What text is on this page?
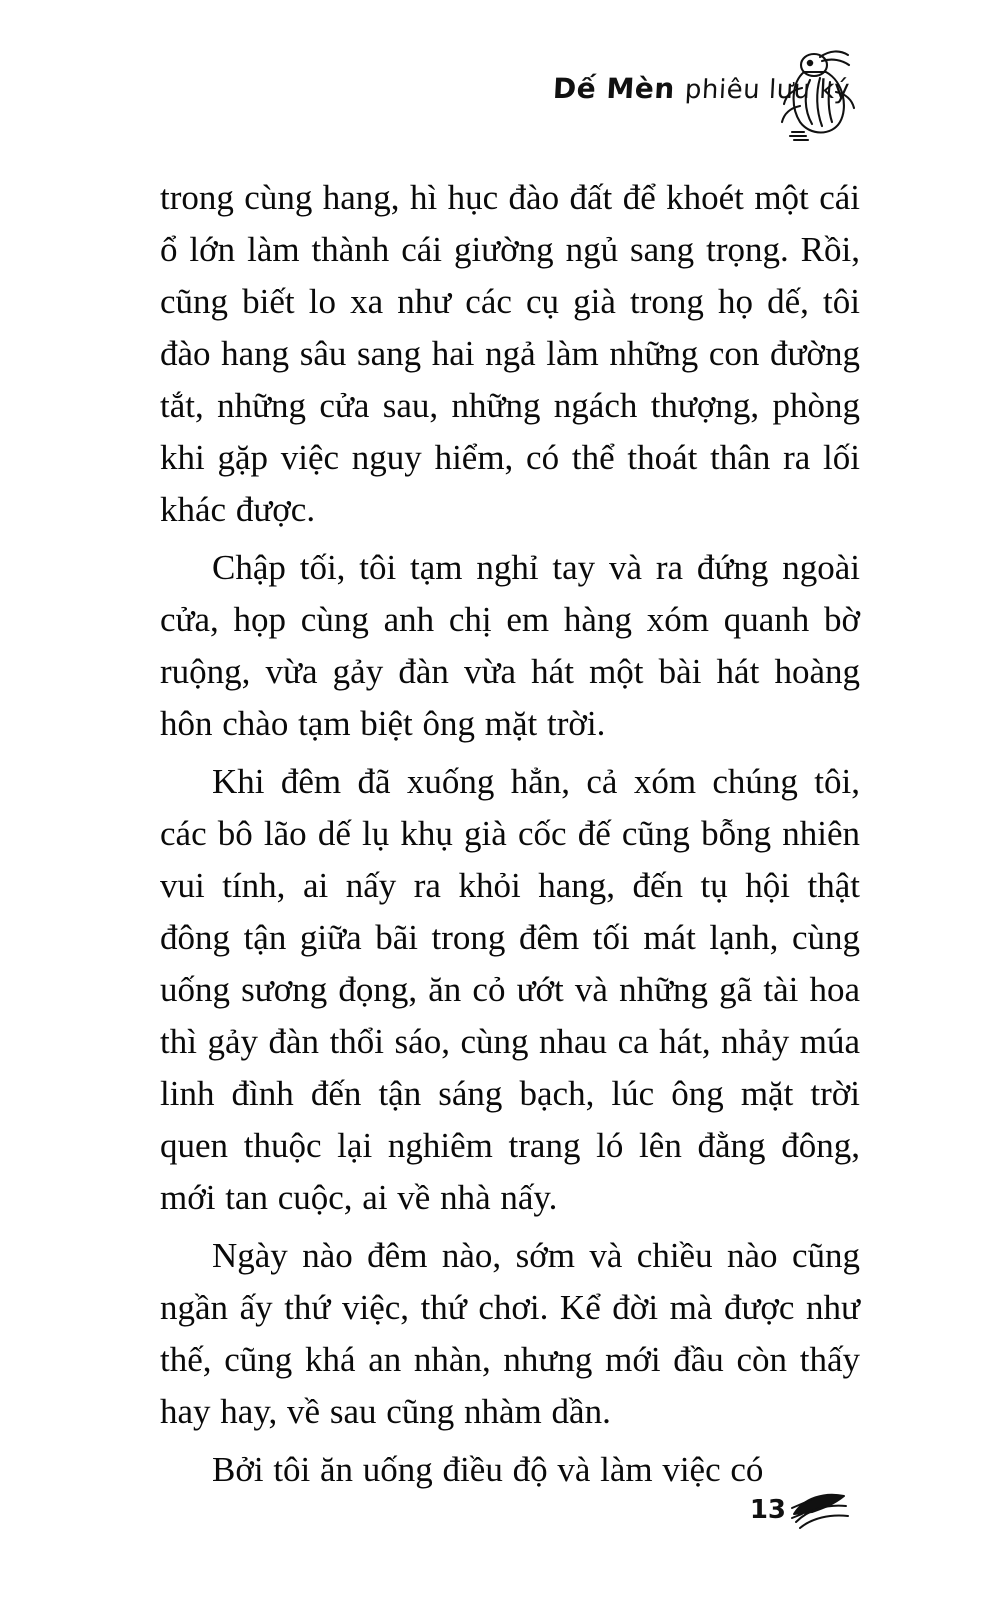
Dế Mèn phiêu lưu ký

trong cùng hang, hì hục đào đất để khoét một cái ổ lớn làm thành cái giường ngủ sang trọng. Rồi, cũng biết lo xa như các cụ già trong họ dế, tôi đào hang sâu sang hai ngả làm những con đường tắt, những cửa sau, những ngách thượng, phòng khi gặp việc nguy hiểm, có thể thoát thân ra lối khác được.

Chập tối, tôi tạm nghỉ tay và ra đứng ngoài cửa, họp cùng anh chị em hàng xóm quanh bờ ruộng, vừa gảy đàn vừa hát một bài hát hoàng hôn chào tạm biệt ông mặt trời.

Khi đêm đã xuống hẳn, cả xóm chúng tôi, các bô lão dế lụ khụ già cốc đế cũng bỗng nhiên vui tính, ai nấy ra khỏi hang, đến tụ hội thật đông tận giữa bãi trong đêm tối mát lạnh, cùng uống sương đọng, ăn cỏ ướt và những gã tài hoa thì gảy đàn thổi sáo, cùng nhau ca hát, nhảy múa linh đình đến tận sáng bạch, lúc ông mặt trời quen thuộc lại nghiêm trang ló lên đằng đông, mới tan cuộc, ai về nhà nấy.

Ngày nào đêm nào, sớm và chiều nào cũng ngần ấy thứ việc, thứ chơi. Kể đời mà được như thế, cũng khá an nhàn, nhưng mới đầu còn thấy hay hay, về sau cũng nhàm dần.

Bởi tôi ăn uống điều độ và làm việc có

13
